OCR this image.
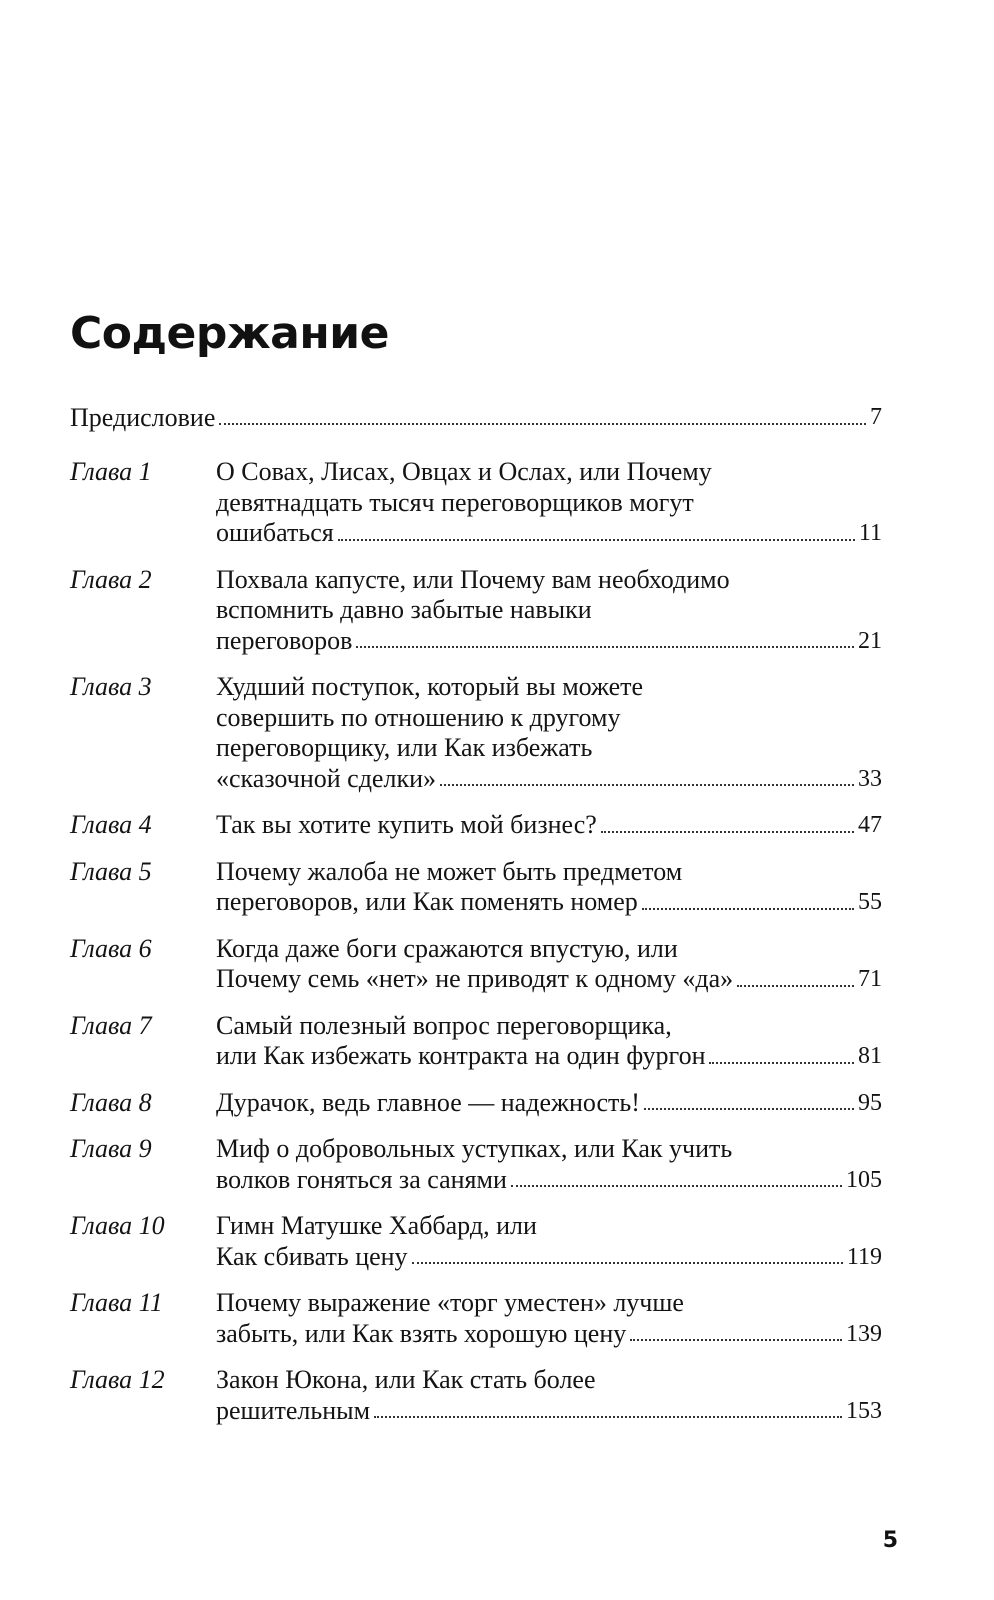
Содержание
Предисловие	7
Глава 1	О Совах, Лисах, Овцах и Ослах, или Почему
девятнадцать тысяч переговорщиков могут
ошибаться	11
Глава 2	Похвала капусте, или Почему вам необходимо
вспомнить давно забытые навыки
переговоров	21
Глава 3	Худший поступок, который вы можете
совершить по отношению к другому
переговорщику, или Как избежать
«сказочной сделки»	33
Глава 4	Так вы хотите купить мой бизнес?	47
Глава 5	Почему жалоба не может быть предметом
переговоров, или Как поменять номер	55
Глава 6	Когда даже боги сражаются впустую, или
Почему семь «нет» не приводят к одному «да»	71
Глава 7	Самый полезный вопрос переговорщика,
или Как избежать контракта на один фургон	81
Глава 8	Дурачок, ведь главное — надежность!	95
Глава 9	Миф о добровольных уступках, или Как учить
волков гоняться за санями	105
Глава 10	Гимн Матушке Хаббард, или
Как сбивать цену	119
Глава 11	Почему выражение «торг уместен» лучше
забыть, или Как взять хорошую цену	139
Глава 12	Закон Юкона, или Как стать более
решительным	153
5
